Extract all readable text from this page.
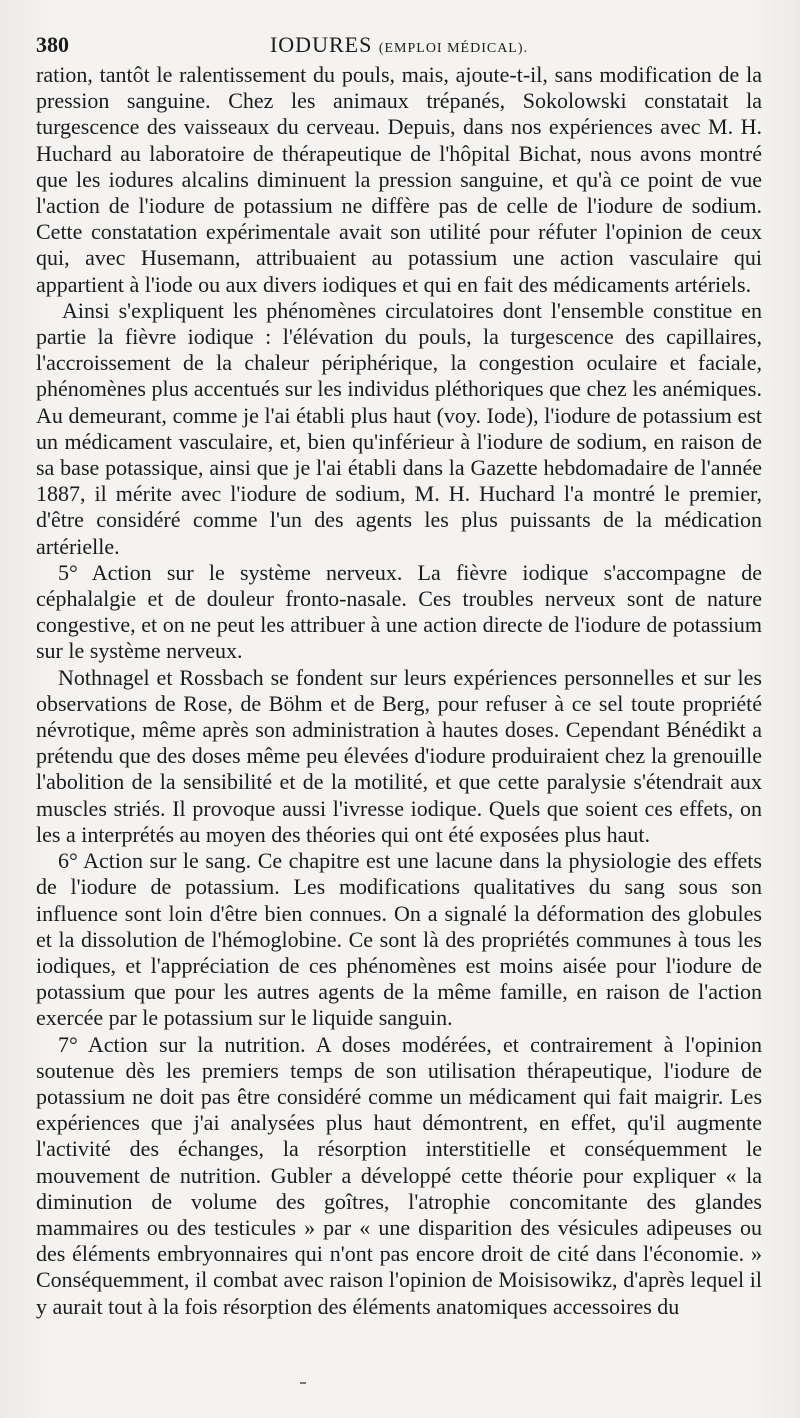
380	IODURES (EMPLOI MÉDICAL).

ration, tantôt le ralentissement du pouls, mais, ajoute-t-il, sans modification de la pression sanguine. Chez les animaux trépanés, Sokolowski constatait la turgescence des vaisseaux du cerveau. Depuis, dans nos expériences avec M. H. Huchard au laboratoire de thérapeutique de l'hôpital Bichat, nous avons montré que les iodures alcalins diminuent la pression sanguine, et qu'à ce point de vue l'action de l'iodure de potassium ne diffère pas de celle de l'iodure de sodium. Cette constatation expérimentale avait son utilité pour réfuter l'opinion de ceux qui, avec Husemann, attribuaient au potassium une action vasculaire qui appartient à l'iode ou aux divers iodiques et qui en fait des médicaments artériels.

Ainsi s'expliquent les phénomènes circulatoires dont l'ensemble constitue en partie la fièvre iodique : l'élévation du pouls, la turgescence des capillaires, l'accroissement de la chaleur périphérique, la congestion oculaire et faciale, phénomènes plus accentués sur les individus pléthoriques que chez les anémiques. Au demeurant, comme je l'ai établi plus haut (voy. Iode), l'iodure de potassium est un médicament vasculaire, et, bien qu'inférieur à l'iodure de sodium, en raison de sa base potassique, ainsi que je l'ai établi dans la Gazette hebdomadaire de l'année 1887, il mérite avec l'iodure de sodium, M. H. Huchard l'a montré le premier, d'être considéré comme l'un des agents les plus puissants de la médication artérielle.

5° Action sur le système nerveux. La fièvre iodique s'accompagne de céphalalgie et de douleur fronto-nasale. Ces troubles nerveux sont de nature congestive, et on ne peut les attribuer à une action directe de l'iodure de potassium sur le système nerveux.

Nothnagel et Rossbach se fondent sur leurs expériences personnelles et sur les observations de Rose, de Böhm et de Berg, pour refuser à ce sel toute propriété névrotique, même après son administration à hautes doses. Cependant Bénédikt a prétendu que des doses même peu élevées d'iodure produiraient chez la grenouille l'abolition de la sensibilité et de la motilité, et que cette paralysie s'étendrait aux muscles striés. Il provoque aussi l'ivresse iodique. Quels que soient ces effets, on les a interprétés au moyen des théories qui ont été exposées plus haut.

6° Action sur le sang. Ce chapitre est une lacune dans la physiologie des effets de l'iodure de potassium. Les modifications qualitatives du sang sous son influence sont loin d'être bien connues. On a signalé la déformation des globules et la dissolution de l'hémoglobine. Ce sont là des propriétés communes à tous les iodiques, et l'appréciation de ces phénomènes est moins aisée pour l'iodure de potassium que pour les autres agents de la même famille, en raison de l'action exercée par le potassium sur le liquide sanguin.

7° Action sur la nutrition. A doses modérées, et contrairement à l'opinion soutenue dès les premiers temps de son utilisation thérapeutique, l'iodure de potassium ne doit pas être considéré comme un médicament qui fait maigrir. Les expériences que j'ai analysées plus haut démontrent, en effet, qu'il augmente l'activité des échanges, la résorption interstitielle et conséquemment le mouvement de nutrition. Gubler a développé cette théorie pour expliquer « la diminution de volume des goîtres, l'atrophie concomitante des glandes mammaires ou des testicules » par « une disparition des vésicules adipeuses ou des éléments embryonnaires qui n'ont pas encore droit de cité dans l'économie. » Conséquemment, il combat avec raison l'opinion de Moisisowikz, d'après lequel il y aurait tout à la fois résorption des éléments anatomiques accessoires du
